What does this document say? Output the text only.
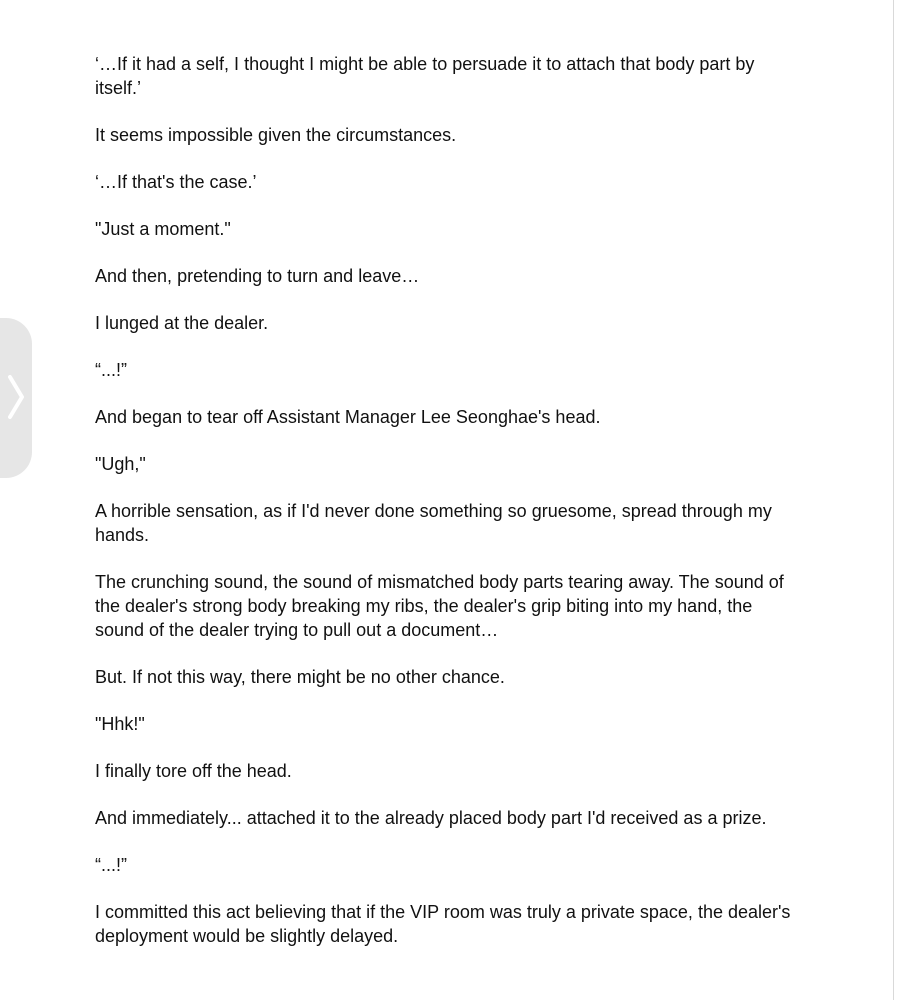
‘…If it had a self, I thought I might be able to persuade it to attach that body part by itself.’

It seems impossible given the circumstances.

‘…If that's the case.’

"Just a moment."

And then, pretending to turn and leave…

I lunged at the dealer.

“...!”

And began to tear off Assistant Manager Lee Seonghae's head.

"Ugh,"

A horrible sensation, as if I'd never done something so gruesome, spread through my hands.

The crunching sound, the sound of mismatched body parts tearing away. The sound of the dealer's strong body breaking my ribs, the dealer's grip biting into my hand, the sound of the dealer trying to pull out a document…

But. If not this way, there might be no other chance.

"Hhk!"

I finally tore off the head.

And immediately... attached it to the already placed body part I'd received as a prize.

“...!”

I committed this act believing that if the VIP room was truly a private space, the dealer's deployment would be slightly delayed.
